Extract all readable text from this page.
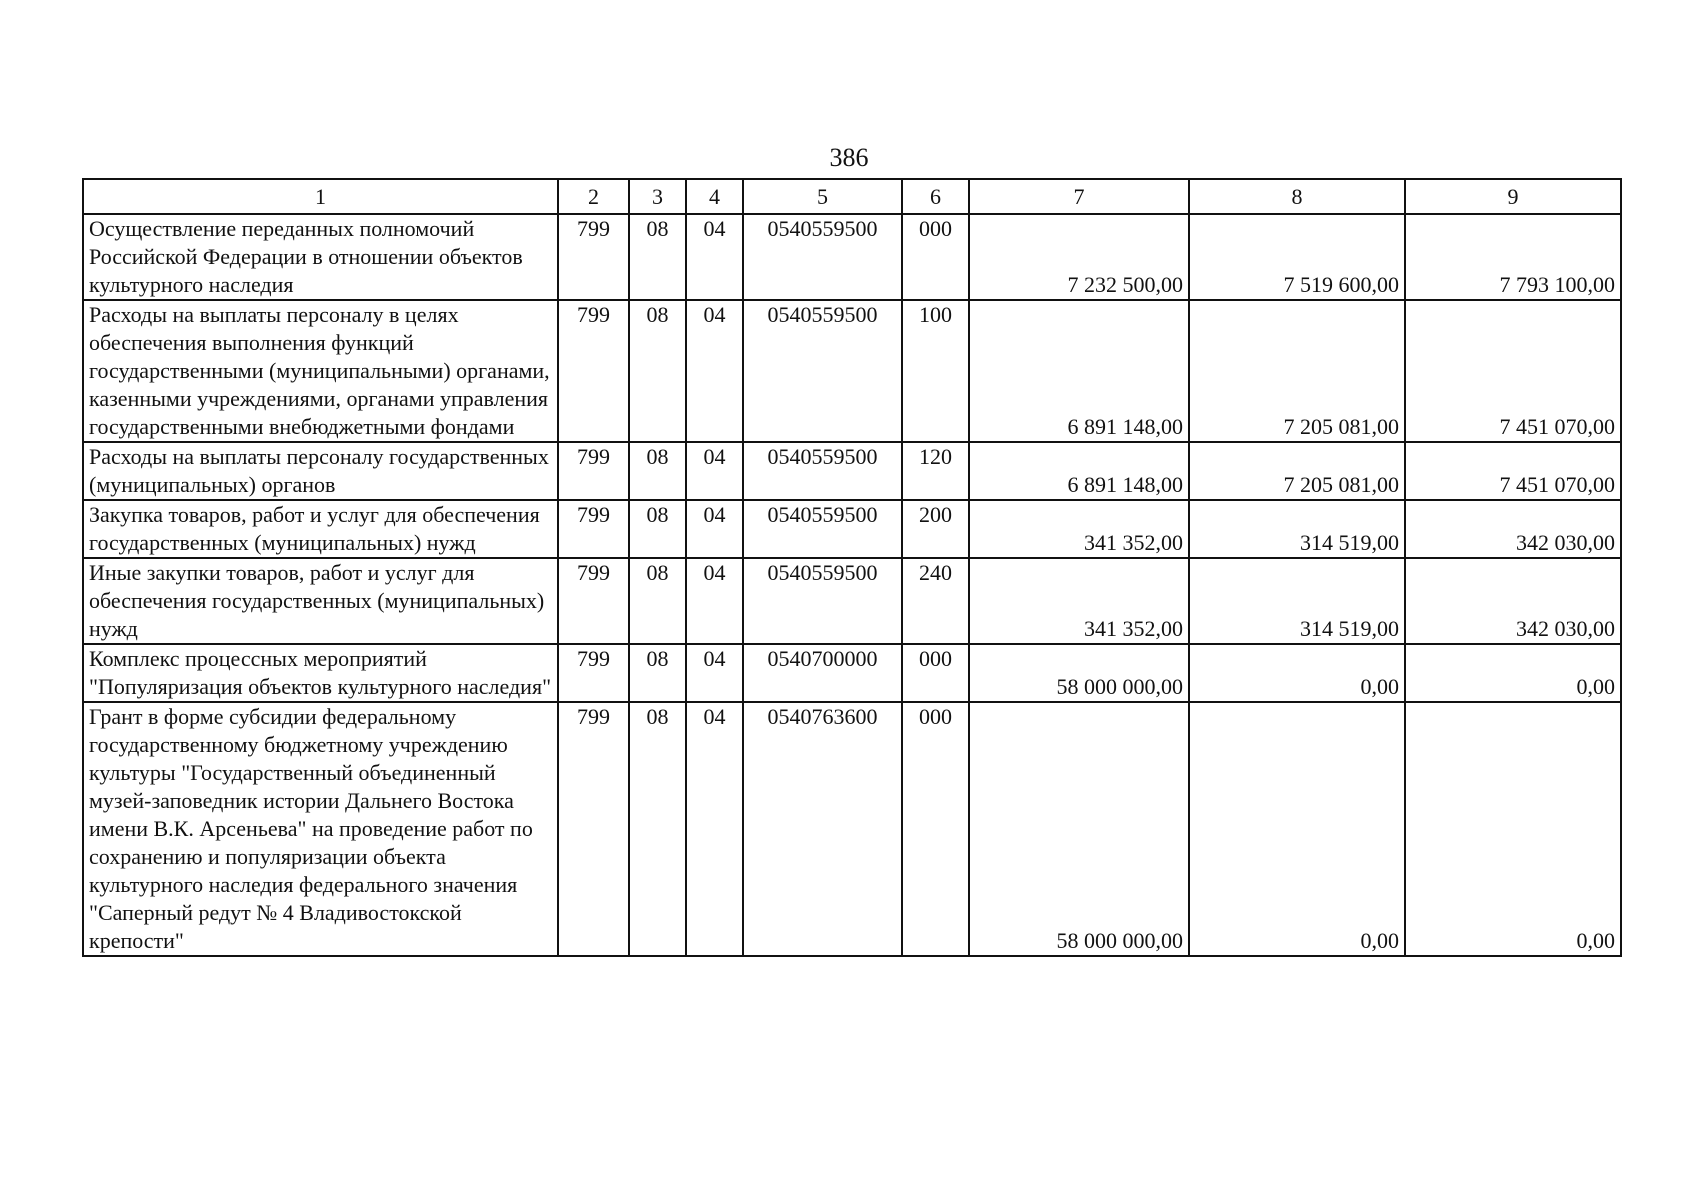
386
1	2	3	4	5	6	7	8	9
Осуществление переданных полномочий Российской Федерации в отношении объектов культурного наследия	799	08	04	0540559500	000	7 232 500,00	7 519 600,00	7 793 100,00
Расходы на выплаты персоналу в целях обеспечения выполнения функций государственными (муниципальными) органами, казенными учреждениями, органами управления государственными внебюджетными фондами	799	08	04	0540559500	100	6 891 148,00	7 205 081,00	7 451 070,00
Расходы на выплаты персоналу государственных (муниципальных) органов	799	08	04	0540559500	120	6 891 148,00	7 205 081,00	7 451 070,00
Закупка товаров, работ и услуг для обеспечения государственных (муниципальных) нужд	799	08	04	0540559500	200	341 352,00	314 519,00	342 030,00
Иные закупки товаров, работ и услуг для обеспечения государственных (муниципальных) нужд	799	08	04	0540559500	240	341 352,00	314 519,00	342 030,00
Комплекс процессных мероприятий "Популяризация объектов культурного наследия"	799	08	04	0540700000	000	58 000 000,00	0,00	0,00
Грант в форме субсидии федеральному государственному бюджетному учреждению культуры "Государственный объединенный музей-заповедник истории Дальнего Востока имени В.К. Арсеньева" на проведение работ по сохранению и популяризации объекта культурного наследия федерального значения "Саперный редут № 4 Владивостокской крепости"	799	08	04	0540763600	000	58 000 000,00	0,00	0,00
